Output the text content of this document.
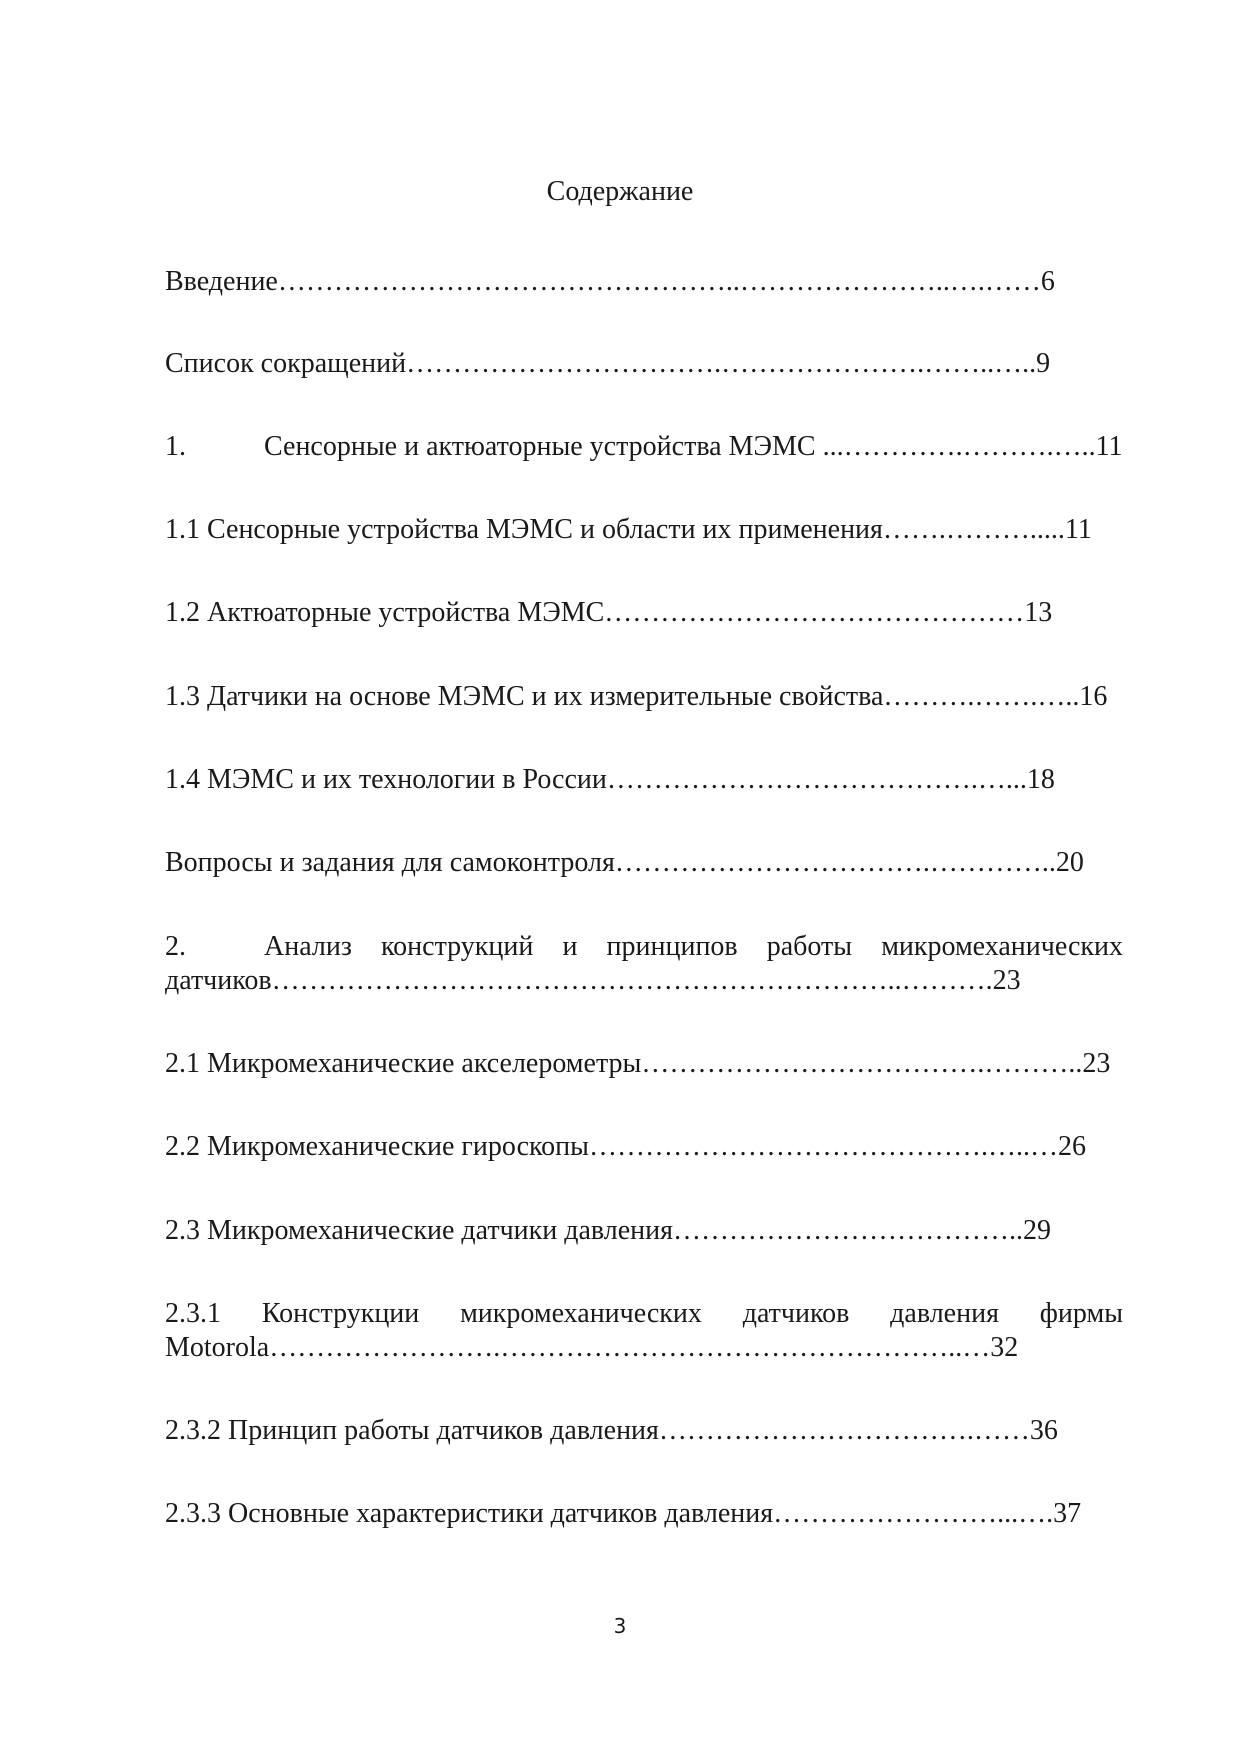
Содержание
Введение…………………………………………..…………………..….……6
Список сокращений…………………………….………………….……..…..9
1.	Сенсорные и актюаторные устройства МЭМС ...………….……….…..11
1.1 Сенсорные устройства МЭМС и области их применения…….……….....11
1.2 Актюаторные устройства МЭМС………………………………………13
1.3 Датчики на основе МЭМС и их измерительные свойства……….…….…..16
1.4 МЭМС и их технологии в России………………………………….…...18
Вопросы и задания для самоконтроля…………………………….…………..20
2.	Анализ конструкций и принципов работы микромеханических
датчиков…………………………………………………………..……….23
2.1 Микромеханические акселерометры……………………………….………..23
2.2 Микромеханические гироскопы…………………………………….…..…26
2.3 Микромеханические датчики давления………………………………..29
2.3.1 Конструкции микромеханических датчиков давления фирмы
Motorola…………………….…………………………………………..…32
2.3.2 Принцип работы датчиков давления…………………………….……36
2.3.3 Основные характеристики датчиков давления……………………...….37
3
